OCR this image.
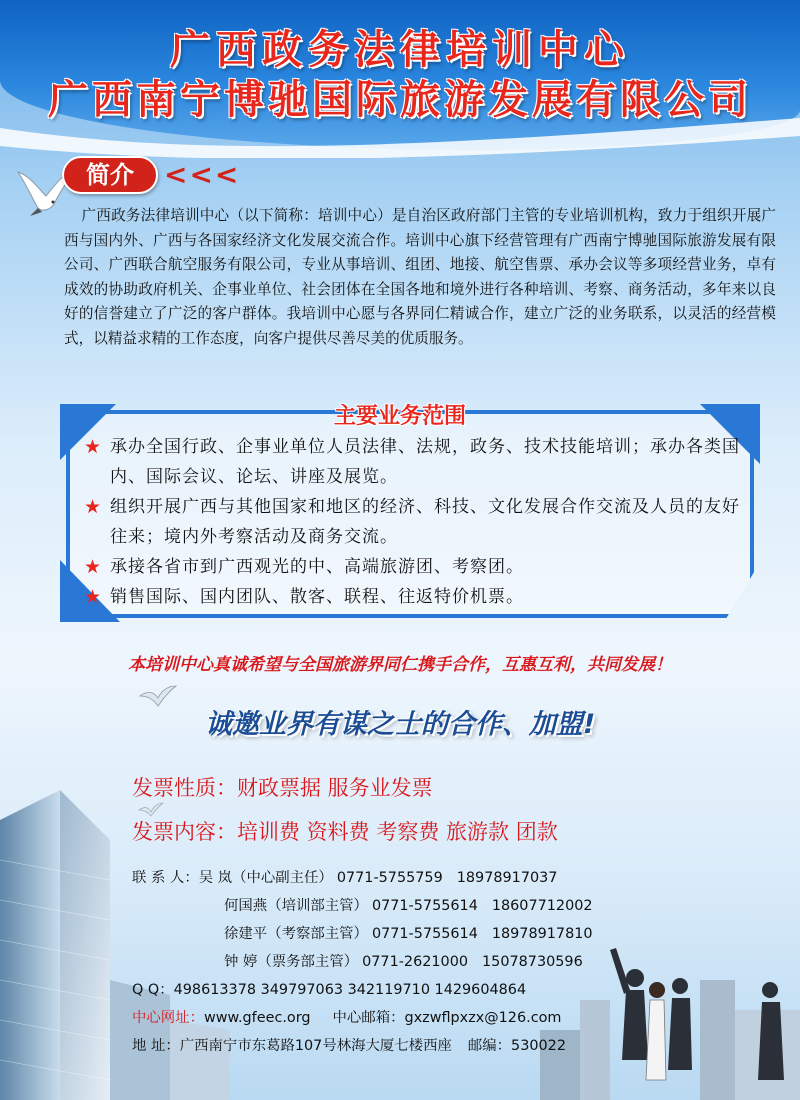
广西政务法律培训中心
广西南宁博驰国际旅游发展有限公司
简介	<<<

广西政务法律培训中心（以下简称：培训中心）是自治区政府部门主管的专业培训机构，致力于组织开展广西与国内外、广西与各国家经济文化发展交流合作。培训中心旗下经营管理有广西南宁博驰国际旅游发展有限公司、广西联合航空服务有限公司，专业从事培训、组团、地接、航空售票、承办会议等多项经营业务，卓有成效的协助政府机关、企事业单位、社会团体在全国各地和境外进行各种培训、考察、商务活动，多年来以良好的信誉建立了广泛的客户群体。我培训中心愿与各界同仁精诚合作，建立广泛的业务联系，以灵活的经营模式，以精益求精的工作态度，向客户提供尽善尽美的优质服务。

主要业务范围
★ 承办全国行政、企事业单位人员法律、法规，政务、技术技能培训；承办各类国内、国际会议、论坛、讲座及展览。
★ 组织开展广西与其他国家和地区的经济、科技、文化发展合作交流及人员的友好往来；境内外考察活动及商务交流。
★ 承接各省市到广西观光的中、高端旅游团、考察团。
★ 销售国际、国内团队、散客、联程、往返特价机票。
本培训中心真诚希望与全国旅游界同仁携手合作，互惠互利，共同发展！
诚邀业界有谋之士的合作、加盟!
发票性质：财政票据 服务业发票
发票内容：培训费 资料费 考察费 旅游款 团款
联 系 人：吴 岚（中心副主任） 0771-5755759 18978917037
何国燕（培训部主管） 0771-5755614 18607712002
徐建平（考察部主管） 0771-5755614 18978917810
钟 婷（票务部主管） 0771-2621000 15078730596
Q Q：498613378 349797063 342119710 1429604864
中心网址：www.gfeec.org 中心邮箱：gxzwflpxzx@126.com
地 址：广西南宁市东葛路107号林海大厦七楼西座 邮编：530022
